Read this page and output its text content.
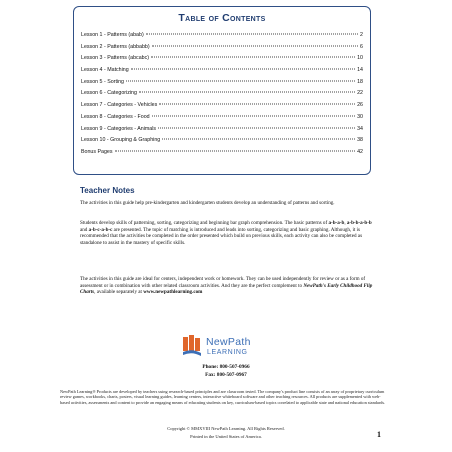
Table of Contents
Lesson 1 - Patterns (abab)	2
Lesson 2 - Patterns (abbabb)	6
Lesson 3 - Patterns (abcabc)	10
Lesson 4 - Matching	14
Lesson 5 - Sorting	18
Lesson 6 - Categorizing	22
Lesson 7 - Categories - Vehicles	26
Lesson 8 - Categories - Food	30
Lesson 9 - Categories - Animals	34
Lesson 10 - Grouping & Graphing	38
Bonus Pages	42
Teacher Notes

The activities in this guide help pre-kindergarten and kindergarten students develop an understanding of patterns and sorting.

Students develop skills of patterning, sorting, categorizing and beginning bar graph comprehension. The basic patterns of a-b-a-b, a-b-b-a-b-b and a-b-c-a-b-c are presented. The topic of matching is introduced and leads into sorting, categorizing and basic graphing. Although, it is recommended that the activities be completed in the order presented which build on previous skills, each activity can also be completed as standalone to assist in the mastery of specific skills.

The activities in this guide are ideal for centers, independent work or homework. They can be used independently for review or as a form of assessment or in combination with other related classroom activities. And they are the perfect complement to NewPath's Early Childhood Flip Charts, available separately at www.newpathlearning.com

NewPath
LEARNING
Phone: 800-507-0966
Fax: 800-507-0967

NewPath Learning® Products are developed by teachers using research-based principles and are classroom tested. The company's product line consists of an array of proprietary curriculum review games, workbooks, charts, posters, visual learning guides, learning centers, interactive whiteboard software and other teaching resources. All products are supplemented with web-based activities, assessments and content to provide an engaging means of educating students on key, curriculum-based topics correlated to applicable state and national education standards.

Copyright © MMXVIII NewPath Learning. All Rights Reserved.
Printed in the United States of America.	1
